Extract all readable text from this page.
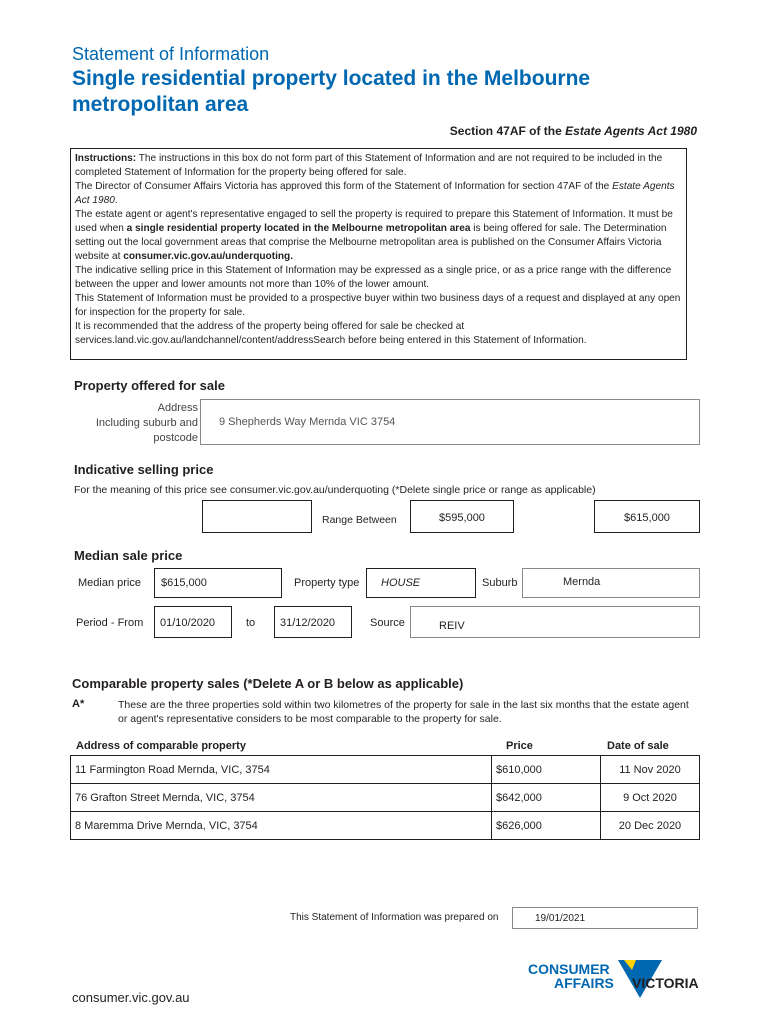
Statement of Information
Single residential property located in the Melbourne metropolitan area
Section 47AF of the Estate Agents Act 1980

Instructions: The instructions in this box do not form part of this Statement of Information and are not required to be included in the completed Statement of Information for the property being offered for sale.

The Director of Consumer Affairs Victoria has approved this form of the Statement of Information for section 47AF of the Estate Agents Act 1980.

The estate agent or agent's representative engaged to sell the property is required to prepare this Statement of Information. It must be used when a single residential property located in the Melbourne metropolitan area is being offered for sale. The Determination setting out the local government areas that comprise the Melbourne metropolitan area is published on the Consumer Affairs Victoria website at consumer.vic.gov.au/underquoting.

The indicative selling price in this Statement of Information may be expressed as a single price, or as a price range with the difference between the upper and lower amounts not more than 10% of the lower amount.

This Statement of Information must be provided to a prospective buyer within two business days of a request and displayed at any open for inspection for the property for sale.

It is recommended that the address of the property being offered for sale be checked at services.land.vic.gov.au/landchannel/content/addressSearch before being entered in this Statement of Information.

Property offered for sale
Address
Including suburb and
postcode
9 Shepherds Way Mernda VIC 3754
Indicative selling price
For the meaning of this price see consumer.vic.gov.au/underquoting (*Delete single price or range as applicable)
Range Between	$595,000	$615,000
Median sale price
Median price	$615,000	Property type	HOUSE	Suburb	Mernda
Period - From	01/10/2020	to	31/12/2020	Source	REIV
Comparable property sales (*Delete A or B below as applicable)
A*	These are the three properties sold within two kilometres of the property for sale in the last six months that the estate agent or agent's representative considers to be most comparable to the property for sale.
Address of comparable property	Price	Date of sale
11 Farmington Road Mernda, VIC, 3754	$610,000	11 Nov 2020
76 Grafton Street Mernda, VIC, 3754	$642,000	9 Oct 2020
8 Maremma Drive Mernda, VIC, 3754	$626,000	20 Dec 2020
This Statement of Information was prepared on	19/01/2021
CONSUMER
AFFAIRS VICTORIA
consumer.vic.gov.au
